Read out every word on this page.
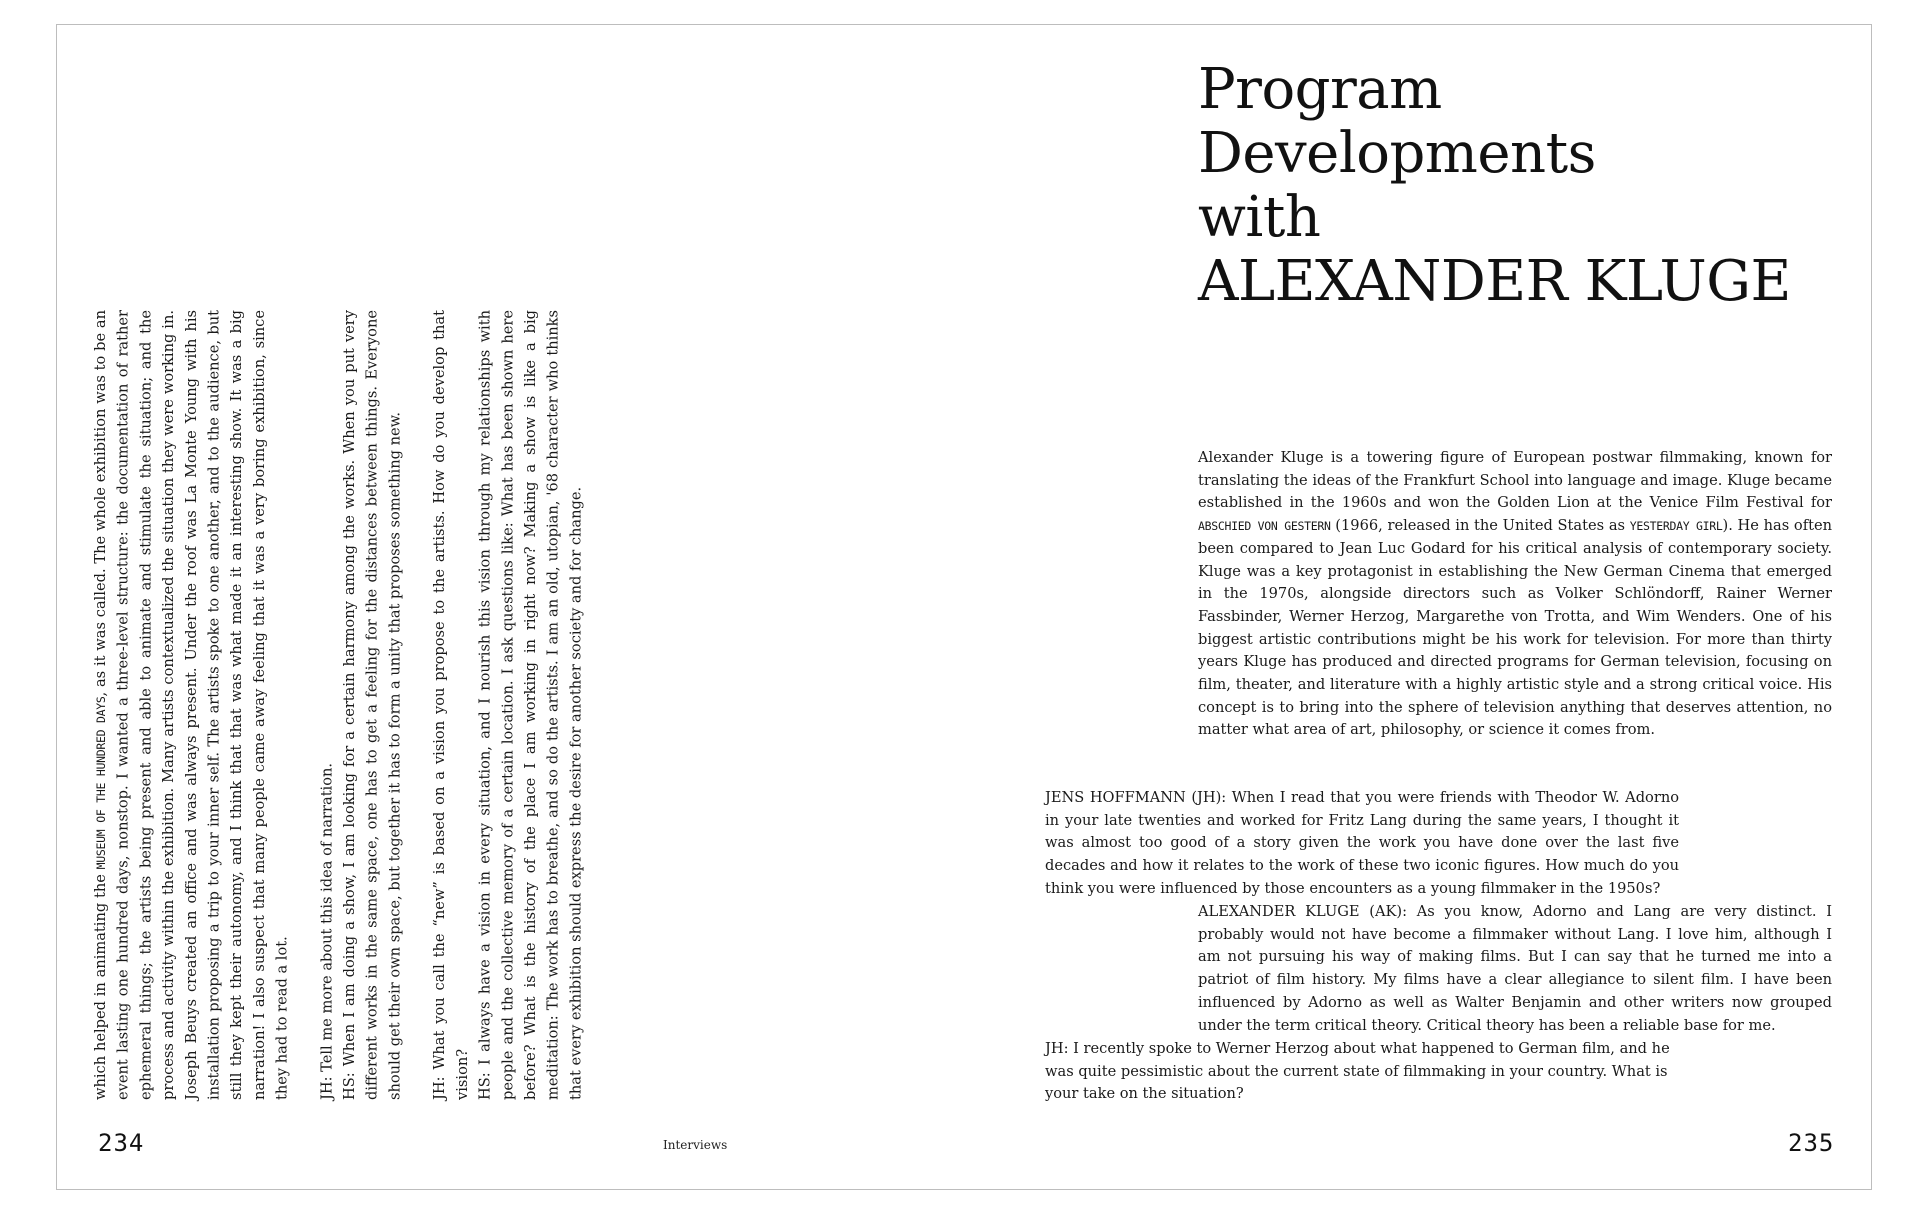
which helped in animating the MUSEUM OF THE HUNDRED DAYS, as it was called. The whole exhibition was to be an event lasting one hundred days, nonstop. I wanted a three-level structure: the documentation of rather ephemeral things; the artists being present and able to animate and stimulate the situation; and the process and activity within the exhibition. Many artists contextualized the situation they were working in. Joseph Beuys created an office and was always present. Under the roof was La Monte Young with his installation proposing a trip to your inner self. The artists spoke to one another, and to the audience, but still they kept their autonomy, and I think that that was what made it an interesting show. It was a big narration! I also suspect that many people came away feeling that it was a very boring exhibition, since they had to read a lot. JH: Tell me more about this idea of narration. HS: When I am doing a show, I am looking for a certain harmony among the works. When you put very different works in the same space, one has to get a feeling for the distances between things. Everyone should get their own space, but together it has to form a unity that proposes something new. JH: What you call the “new” is based on a vision you propose to the artists. How do you develop that vision? HS: I always have a vision in every situation, and I nourish this vision through my relationships with people and the collective memory of a certain location. I ask questions like: What has been shown here before? What is the history of the place I am working in right now? Making a show is like a big meditation: The work has to breathe, and so do the artists. I am an old, utopian, '68 character who thinks that every exhibition should express the desire for another society and for change.

Program
Developments
with
ALEXANDER KLUGE

Alexander Kluge is a towering figure of European postwar filmmaking, known for translating the ideas of the Frankfurt School into language and image. Kluge became established in the 1960s and won the Golden Lion at the Venice Film Festival for ABSCHIED VON GESTERN (1966, released in the United States as YESTERDAY GIRL). He has often been compared to Jean Luc Godard for his critical analysis of contemporary society. Kluge was a key protagonist in establishing the New German Cinema that emerged in the 1970s, alongside directors such as Volker Schlöndorff, Rainer Werner Fassbinder, Werner Herzog, Margarethe von Trotta, and Wim Wenders. One of his biggest artistic contributions might be his work for television. For more than thirty years Kluge has produced and directed programs for German television, focusing on film, theater, and literature with a highly artistic style and a strong critical voice. His concept is to bring into the sphere of television anything that deserves attention, no matter what area of art, philosophy, or science it comes from.

JENS HOFFMANN (JH): When I read that you were friends with Theodor W. Adorno in your late twenties and worked for Fritz Lang during the same years, I thought it was almost too good of a story given the work you have done over the last five decades and how it relates to the work of these two iconic figures. How much do you think you were influenced by those encounters as a young filmmaker in the 1950s?

ALEXANDER KLUGE (AK): As you know, Adorno and Lang are very distinct. I probably would not have become a filmmaker without Lang. I love him, although I am not pursuing his way of making films. But I can say that he turned me into a patriot of film history. My films have a clear allegiance to silent film. I have been influenced by Adorno as well as Walter Benjamin and other writers now grouped under the term critical theory. Critical theory has been a reliable base for me.

JH: I recently spoke to Werner Herzog about what happened to German film, and he was quite pessimistic about the current state of filmmaking in your country. What is your take on the situation?

234	Interviews	235
